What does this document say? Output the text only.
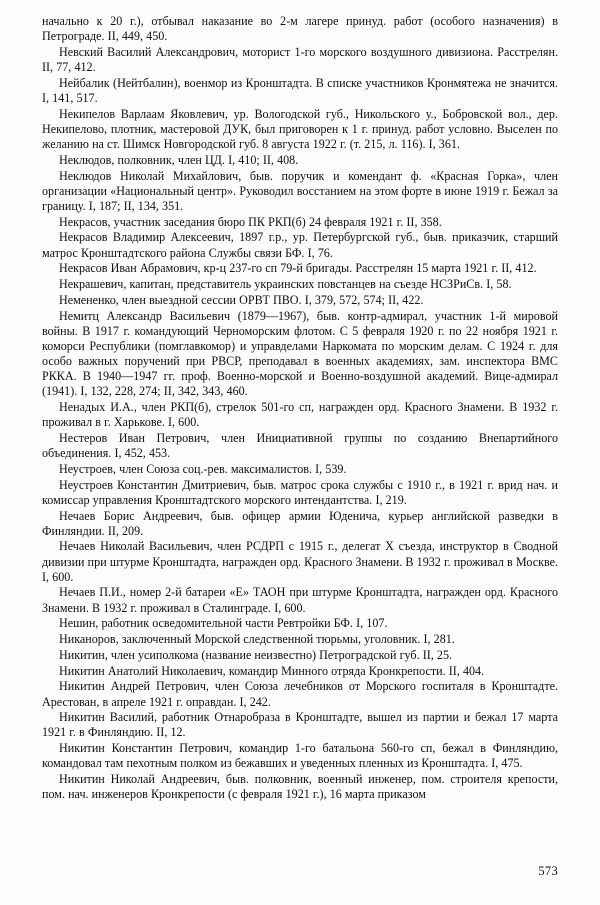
начально к 20 г.), отбывал наказание во 2-м лагере принуд. работ (особого назначения) в Петрограде. II, 449, 450.

Невский Василий Александрович, моторист 1-го морского воздушного дивизиона. Расстрелян. II, 77, 412.

Нейбалик (Нейтбалин), военмор из Кронштадта. В списке участников Кронмятежа не значится. I, 141, 517.

Некипелов Варлаам Яковлевич, ур. Вологодской губ., Никольского у., Бобровской вол., дер. Некипелово, плотник, мастеровой ДУК, был приговорен к 1 г. принуд. работ условно. Выселен по желанию на ст. Шимск Новгородской губ. 8 августа 1922 г. (т. 215, л. 116). I, 361.

Неклюдов, полковник, член ЦД. I, 410; II, 408.

Неклюдов Николай Михайлович, быв. поручик и комендант ф. «Красная Горка», член организации «Национальный центр». Руководил восстанием на этом форте в июне 1919 г. Бежал за границу. I, 187; II, 134, 351.

Некрасов, участник заседания бюро ПК РКП(б) 24 февраля 1921 г. II, 358.

Некрасов Владимир Алексеевич, 1897 г.р., ур. Петербургской губ., быв. приказчик, старший матрос Кронштадтского района Службы связи БФ. I, 76.

Некрасов Иван Абрамович, кр-ц 237-го сп 79-й бригады. Расстрелян 15 марта 1921 г. II, 412.

Некрашевич, капитан, представитель украинских повстанцев на съезде НСЗРиСв. I, 58.

Немененко, член выездной сессии ОРВТ ПВО. I, 379, 572, 574; II, 422.

Немитц Александр Васильевич (1879—1967), быв. контр-адмирал, участник 1-й мировой войны. В 1917 г. командующий Черноморским флотом. С 5 февраля 1920 г. по 22 ноября 1921 г. коморси Республики (помглавкомор) и управделами Наркомата по морским делам. С 1924 г. для особо важных поручений при РВСР, преподавал в военных академиях, зам. инспектора ВМС РККА. В 1940—1947 гг. проф. Военно-морской и Военно-воздушной академий. Вице-адмирал (1941). I, 132, 228, 274; II, 342, 343, 460.

Ненадых И.А., член РКП(б), стрелок 501-го сп, награжден орд. Красного Знамени. В 1932 г. проживал в г. Харькове. I, 600.

Нестеров Иван Петрович, член Инициативной группы по созданию Внепартийного объединения. I, 452, 453.

Неустроев, член Союза соц.-рев. максималистов. I, 539.

Неустроев Константин Дмитриевич, быв. матрос срока службы с 1910 г., в 1921 г. врид нач. и комиссар управления Кронштадтского морского интендантства. I, 219.

Нечаев Борис Андреевич, быв. офицер армии Юденича, курьер английской разведки в Финляндии. II, 209.

Нечаев Николай Васильевич, член РСДРП с 1915 г., делегат X съезда, инструктор в Сводной дивизии при штурме Кронштадта, награжден орд. Красного Знамени. В 1932 г. проживал в Москве. I, 600.

Нечаев П.И., номер 2-й батареи «Е» ТАОН при штурме Кронштадта, награжден орд. Красного Знамени. В 1932 г. проживал в Сталинграде. I, 600.

Нешин, работник осведомительной части Ревтройки БФ. I, 107.

Никаноров, заключенный Морской следственной тюрьмы, уголовник. I, 281.

Никитин, член усиполкома (название неизвестно) Петроградской губ. II, 25.

Никитин Анатолий Николаевич, командир Минного отряда Кронкрепости. II, 404.

Никитин Андрей Петрович, член Союза лечебников от Морского госпиталя в Кронштадте. Арестован, в апреле 1921 г. оправдан. I, 242.

Никитин Василий, работник Отнаробраза в Кронштадте, вышел из партии и бежал 17 марта 1921 г. в Финляндию. II, 12.

Никитин Константин Петрович, командир 1-го батальона 560-го сп, бежал в Финляндию, командовал там пехотным полком из бежавших и уведенных пленных из Кронштадта. I, 475.

Никитин Николай Андреевич, быв. полковник, военный инженер, пом. строителя крепости, пом. нач. инженеров Кронкрепости (с февраля 1921 г.), 16 марта приказом

573
